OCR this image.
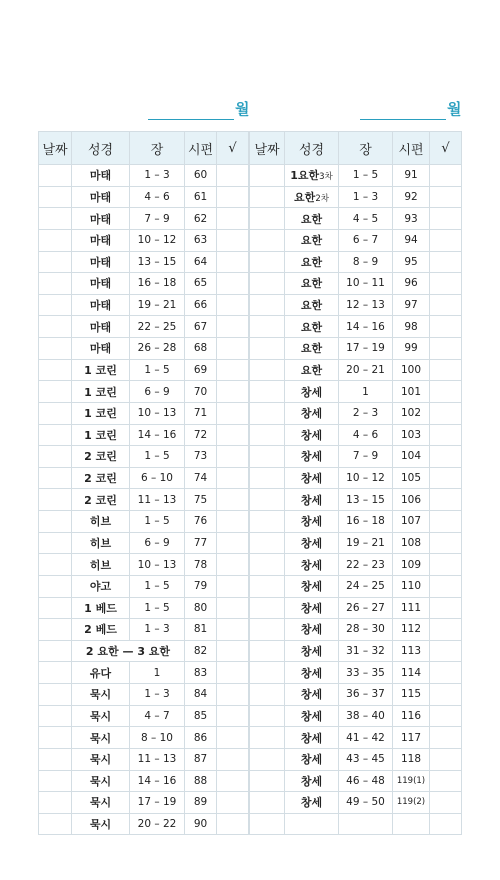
월	월
날짜	성경	장	시편	√
	마태	1 – 3	60	
	마태	4 – 6	61	
	마태	7 – 9	62	
	마태	10 – 12	63	
	마태	13 – 15	64	
	마태	16 – 18	65	
	마태	19 – 21	66	
	마태	22 – 25	67	
	마태	26 – 28	68	
	1 코린	1 – 5	69	
	1 코린	6 – 9	70	
	1 코린	10 – 13	71	
	1 코린	14 – 16	72	
	2 코린	1 – 5	73	
	2 코린	6 – 10	74	
	2 코린	11 – 13	75	
	히브	1 – 5	76	
	히브	6 – 9	77	
	히브	10 – 13	78	
	야고	1 – 5	79	
	1 베드	1 – 5	80	
	2 베드	1 – 3	81	
	2 요한 — 3 요한		82	
	유다	1	83	
	묵시	1 – 3	84	
	묵시	4 – 7	85	
	묵시	8 – 10	86	
	묵시	11 – 13	87	
	묵시	14 – 16	88	
	묵시	17 – 19	89	
	묵시	20 – 22	90	
날짜	성경	장	시편	√
	1요한3차	1 – 5	91	
	요한2차	1 – 3	92	
	요한	4 – 5	93	
	요한	6 – 7	94	
	요한	8 – 9	95	
	요한	10 – 11	96	
	요한	12 – 13	97	
	요한	14 – 16	98	
	요한	17 – 19	99	
	요한	20 – 21	100	
	창세	1	101	
	창세	2 – 3	102	
	창세	4 – 6	103	
	창세	7 – 9	104	
	창세	10 – 12	105	
	창세	13 – 15	106	
	창세	16 – 18	107	
	창세	19 – 21	108	
	창세	22 – 23	109	
	창세	24 – 25	110	
	창세	26 – 27	111	
	창세	28 – 30	112	
	창세	31 – 32	113	
	창세	33 – 35	114	
	창세	36 – 37	115	
	창세	38 – 40	116	
	창세	41 – 42	117	
	창세	43 – 45	118	
	창세	46 – 48	119(1)	
	창세	49 – 50	119(2)	
